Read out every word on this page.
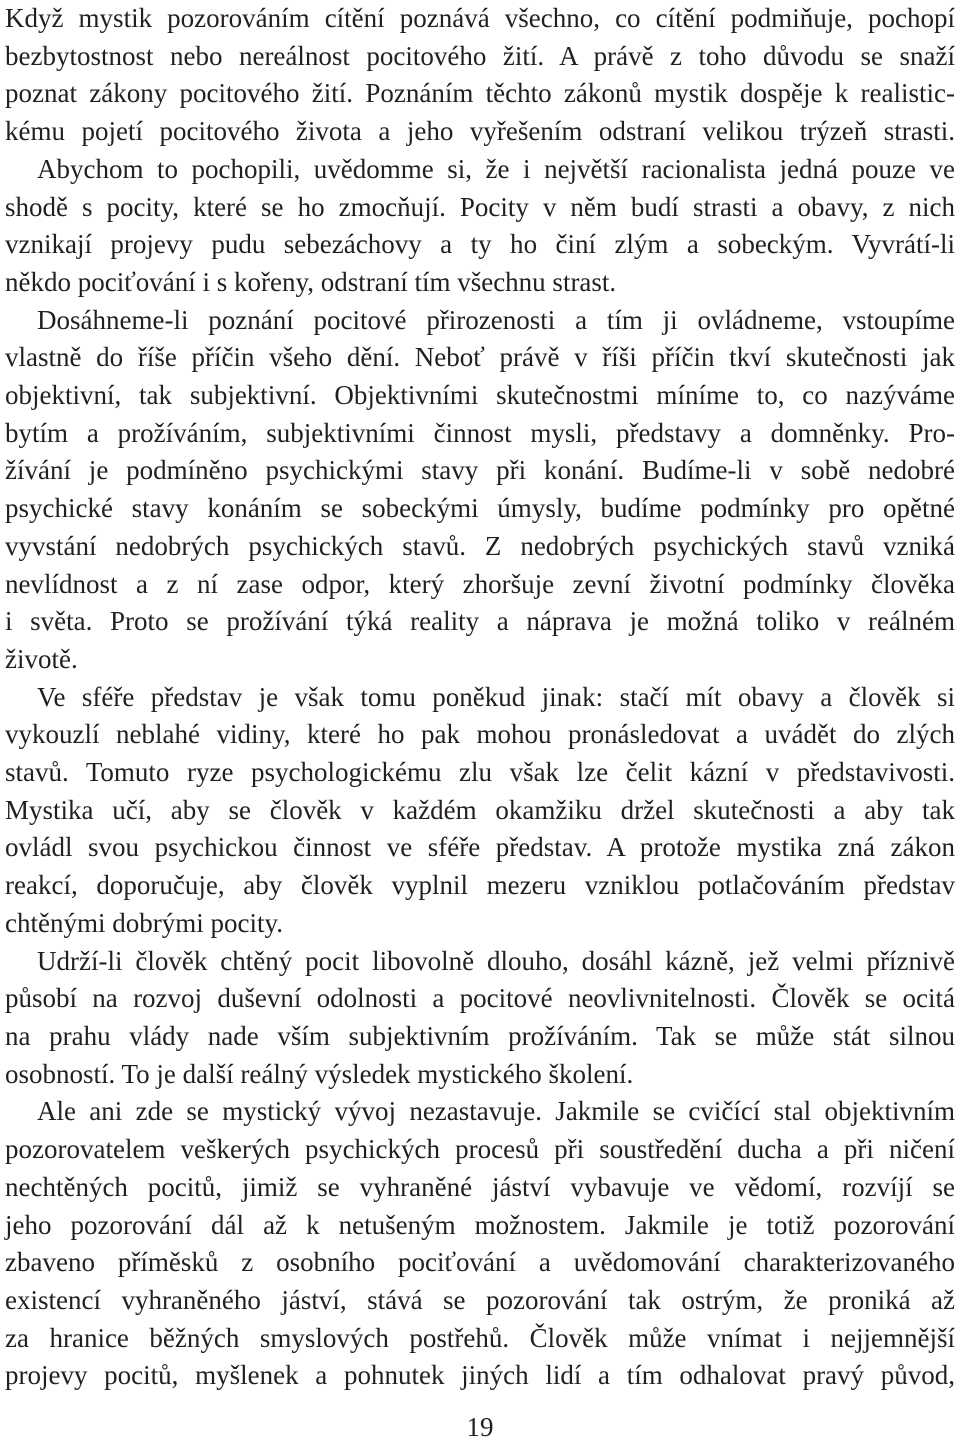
Když mystik pozorováním cítění poznává všechno, co cítění podmiňuje, pochopí
bezbytostnost nebo nereálnost pocitového žití. A právě z toho důvodu se snaží
poznat zákony pocitového žití. Poznáním těchto zákonů mystik dospěje k realistic-
kému pojetí pocitového života a jeho vyřešením odstraní velikou trýzeň strasti.
Abychom to pochopili, uvědomme si, že i největší racionalista jedná pouze ve
shodě s pocity, které se ho zmocňují. Pocity v něm budí strasti a obavy, z nich
vznikají projevy pudu sebezáchovy a ty ho činí zlým a sobeckým. Vyvrátí-li
někdo pociťování i s kořeny, odstraní tím všechnu strast.
Dosáhneme-li poznání pocitové přirozenosti a tím ji ovládneme, vstoupíme
vlastně do říše příčin všeho dění. Neboť právě v říši příčin tkví skutečnosti jak
objektivní, tak subjektivní. Objektivními skutečnostmi míníme to, co nazýváme
bytím a prožíváním, subjektivními činnost mysli, představy a domněnky. Pro-
žívání je podmíněno psychickými stavy při konání. Budíme-li v sobě nedobré
psychické stavy konáním se sobeckými úmysly, budíme podmínky pro opětné
vyvstání nedobrých psychických stavů. Z nedobrých psychických stavů vzniká
nevlídnost a z ní zase odpor, který zhoršuje zevní životní podmínky člověka
i světa. Proto se prožívání týká reality a náprava je možná toliko v reálném
životě.
Ve sféře představ je však tomu poněkud jinak: stačí mít obavy a člověk si
vykouzlí neblahé vidiny, které ho pak mohou pronásledovat a uvádět do zlých
stavů. Tomuto ryze psychologickému zlu však lze čelit kázní v představivosti.
Mystika učí, aby se člověk v každém okamžiku držel skutečnosti a aby tak
ovládl svou psychickou činnost ve sféře představ. A protože mystika zná zákon
reakcí, doporučuje, aby člověk vyplnil mezeru vzniklou potlačováním představ
chtěnými dobrými pocity.
Udrží-li člověk chtěný pocit libovolně dlouho, dosáhl kázně, jež velmi příznivě
působí na rozvoj duševní odolnosti a pocitové neovlivnitelnosti. Člověk se ocitá
na prahu vlády nade vším subjektivním prožíváním. Tak se může stát silnou
osobností. To je další reálný výsledek mystického školení.
Ale ani zde se mystický vývoj nezastavuje. Jakmile se cvičící stal objektivním
pozorovatelem veškerých psychických procesů při soustředění ducha a při ničení
nechtěných pocitů, jimiž se vyhraněné jáství vybavuje ve vědomí, rozvíjí se
jeho pozorování dál až k netušeným možnostem. Jakmile je totiž pozorování
zbaveno příměsků z osobního pociťování a uvědomování charakterizovaného
existencí vyhraněného jáství, stává se pozorování tak ostrým, že proniká až
za hranice běžných smyslových postřehů. Člověk může vnímat i nejjemnější
projevy pocitů, myšlenek a pohnutek jiných lidí a tím odhalovat pravý původ,
19
